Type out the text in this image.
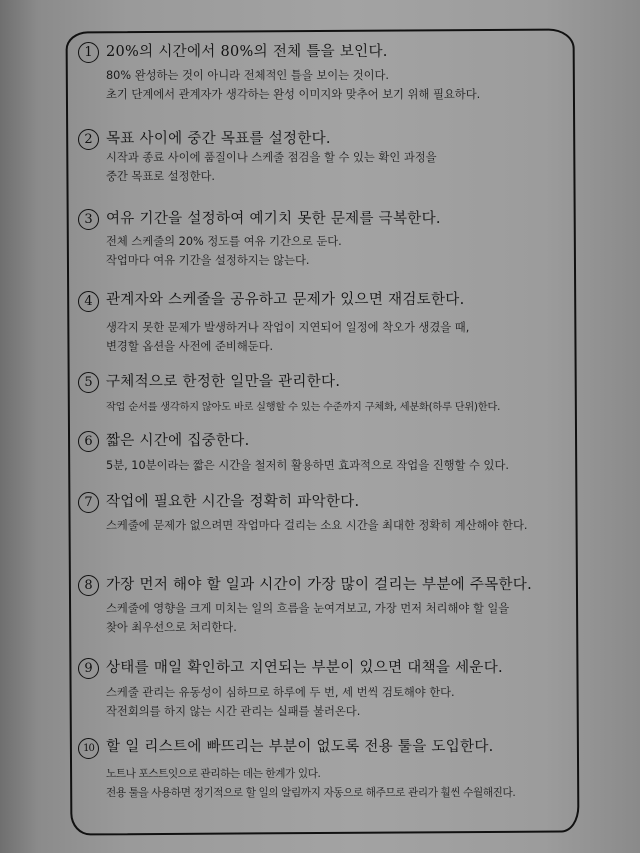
1 20%의 시간에서 80%의 전체 틀을 보인다.
80% 완성하는 것이 아니라 전체적인 틀을 보이는 것이다.
초기 단계에서 관계자가 생각하는 완성 이미지와 맞추어 보기 위해 필요하다.
2 목표 사이에 중간 목표를 설정한다.
시작과 종료 사이에 품질이나 스케줄 점검을 할 수 있는 확인 과정을
중간 목표로 설정한다.
3 여유 기간을 설정하여 예기치 못한 문제를 극복한다.
전체 스케줄의 20% 정도를 여유 기간으로 둔다.
작업마다 여유 기간을 설정하지는 않는다.
4 관계자와 스케줄을 공유하고 문제가 있으면 재검토한다.
생각지 못한 문제가 발생하거나 작업이 지연되어 일정에 착오가 생겼을 때,
변경할 옵션을 사전에 준비해둔다.
5 구체적으로 한정한 일만을 관리한다.
작업 순서를 생각하지 않아도 바로 실행할 수 있는 수준까지 구체화, 세분화(하루 단위)한다.
6 짧은 시간에 집중한다.
5분, 10분이라는 짧은 시간을 철저히 활용하면 효과적으로 작업을 진행할 수 있다.
7 작업에 필요한 시간을 정확히 파악한다.
스케줄에 문제가 없으려면 작업마다 걸리는 소요 시간을 최대한 정확히 계산해야 한다.
8 가장 먼저 해야 할 일과 시간이 가장 많이 걸리는 부분에 주목한다.
스케줄에 영향을 크게 미치는 일의 흐름을 눈여겨보고, 가장 먼저 처리해야 할 일을
찾아 최우선으로 처리한다.
9 상태를 매일 확인하고 지연되는 부분이 있으면 대책을 세운다.
스케줄 관리는 유동성이 심하므로 하루에 두 번, 세 번씩 검토해야 한다.
작전회의를 하지 않는 시간 관리는 실패를 불러온다.
10 할 일 리스트에 빠뜨리는 부분이 없도록 전용 툴을 도입한다.
노트나 포스트잇으로 관리하는 데는 한계가 있다.
전용 툴을 사용하면 정기적으로 할 일의 알림까지 자동으로 해주므로 관리가 훨씬 수월해진다.
